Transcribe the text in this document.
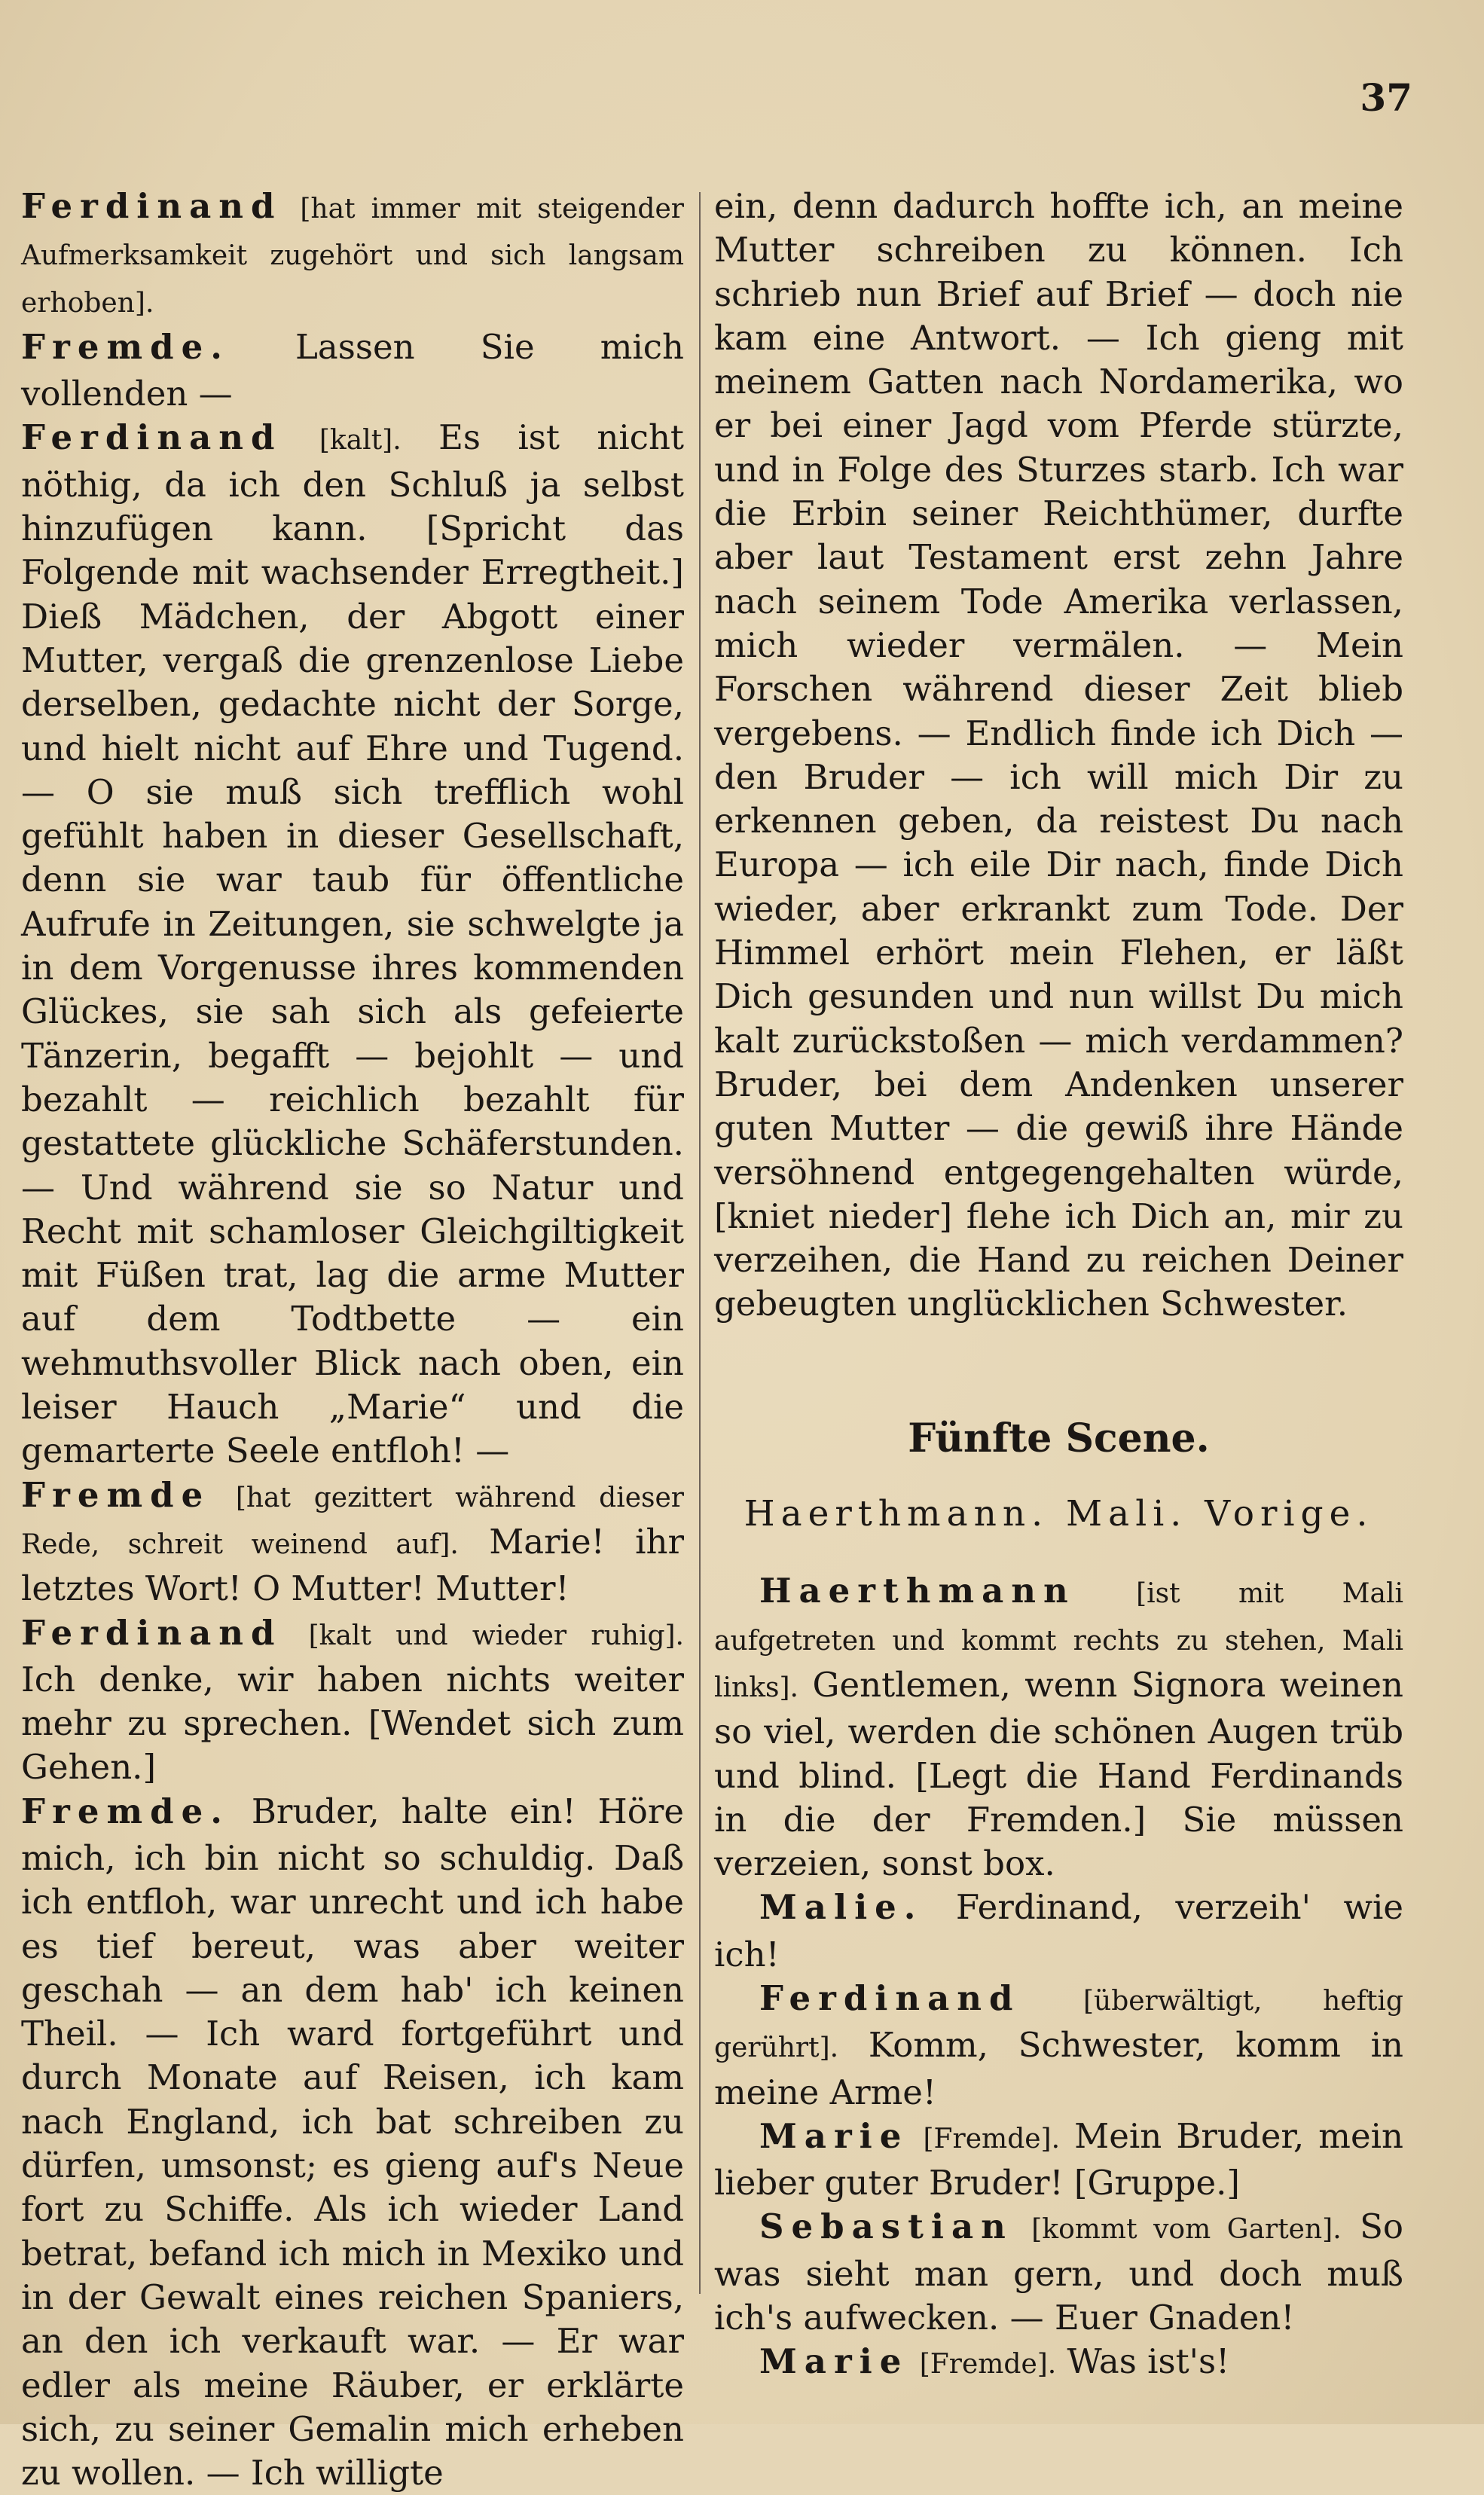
37

Ferdinand [hat immer mit steigender Aufmerksamkeit zugehört und sich langsam erhoben].

Fremde. Lassen Sie mich vollenden —

Ferdinand [kalt]. Es ist nicht nöthig, da ich den Schluß ja selbst hinzufügen kann. [Spricht das Folgende mit wachsender Erregtheit.] Dieß Mädchen, der Abgott einer Mutter, vergaß die grenzenlose Liebe derselben, gedachte nicht der Sorge, und hielt nicht auf Ehre und Tugend. — O sie muß sich trefflich wohl gefühlt haben in dieser Gesellschaft, denn sie war taub für öffentliche Aufrufe in Zeitungen, sie schwelgte ja in dem Vorgenusse ihres kommenden Glückes, sie sah sich als gefeierte Tänzerin, begafft — bejohlt — und bezahlt — reichlich bezahlt für gestattete glückliche Schäferstunden. — Und während sie so Natur und Recht mit schamloser Gleichgiltigkeit mit Füßen trat, lag die arme Mutter auf dem Todtbette — ein wehmuthsvoller Blick nach oben, ein leiser Hauch „Marie“ und die gemarterte Seele entfloh! —

Fremde [hat gezittert während dieser Rede, schreit weinend auf]. Marie! ihr letztes Wort! O Mutter! Mutter!

Ferdinand [kalt und wieder ruhig]. Ich denke, wir haben nichts weiter mehr zu sprechen. [Wendet sich zum Gehen.]

Fremde. Bruder, halte ein! Höre mich, ich bin nicht so schuldig. Daß ich entfloh, war unrecht und ich habe es tief bereut, was aber weiter geschah — an dem hab' ich keinen Theil. — Ich ward fortgeführt und durch Monate auf Reisen, ich kam nach England, ich bat schreiben zu dürfen, umsonst; es gieng auf's Neue fort zu Schiffe. Als ich wieder Land betrat, befand ich mich in Mexiko und in der Gewalt eines reichen Spaniers, an den ich verkauft war. — Er war edler als meine Räuber, er erklärte sich, zu seiner Gemalin mich erheben zu wollen. — Ich willigte

ein, denn dadurch hoffte ich, an meine Mutter schreiben zu können. Ich schrieb nun Brief auf Brief — doch nie kam eine Antwort. — Ich gieng mit meinem Gatten nach Nordamerika, wo er bei einer Jagd vom Pferde stürzte, und in Folge des Sturzes starb. Ich war die Erbin seiner Reichthümer, durfte aber laut Testament erst zehn Jahre nach seinem Tode Amerika verlassen, mich wieder vermälen. — Mein Forschen während dieser Zeit blieb vergebens. — Endlich finde ich Dich — den Bruder — ich will mich Dir zu erkennen geben, da reistest Du nach Europa — ich eile Dir nach, finde Dich wieder, aber erkrankt zum Tode. Der Himmel erhört mein Flehen, er läßt Dich gesunden und nun willst Du mich kalt zurückstoßen — mich verdammen? Bruder, bei dem Andenken unserer guten Mutter — die gewiß ihre Hände versöhnend entgegengehalten würde, [kniet nieder] flehe ich Dich an, mir zu verzeihen, die Hand zu reichen Deiner gebeugten unglücklichen Schwester.

Fünfte Scene.

Haerthmann. Mali. Vorige.

Haerthmann [ist mit Mali aufgetreten und kommt rechts zu stehen, Mali links]. Gentlemen, wenn Signora weinen so viel, werden die schönen Augen trüb und blind. [Legt die Hand Ferdinands in die der Fremden.] Sie müssen verzeien, sonst box.

Malie. Ferdinand, verzeih' wie ich!

Ferdinand [überwältigt, heftig gerührt]. Komm, Schwester, komm in meine Arme!

Marie [Fremde]. Mein Bruder, mein lieber guter Bruder! [Gruppe.]

Sebastian [kommt vom Garten]. So was sieht man gern, und doch muß ich's aufwecken. — Euer Gnaden!

Marie [Fremde]. Was ist's!
